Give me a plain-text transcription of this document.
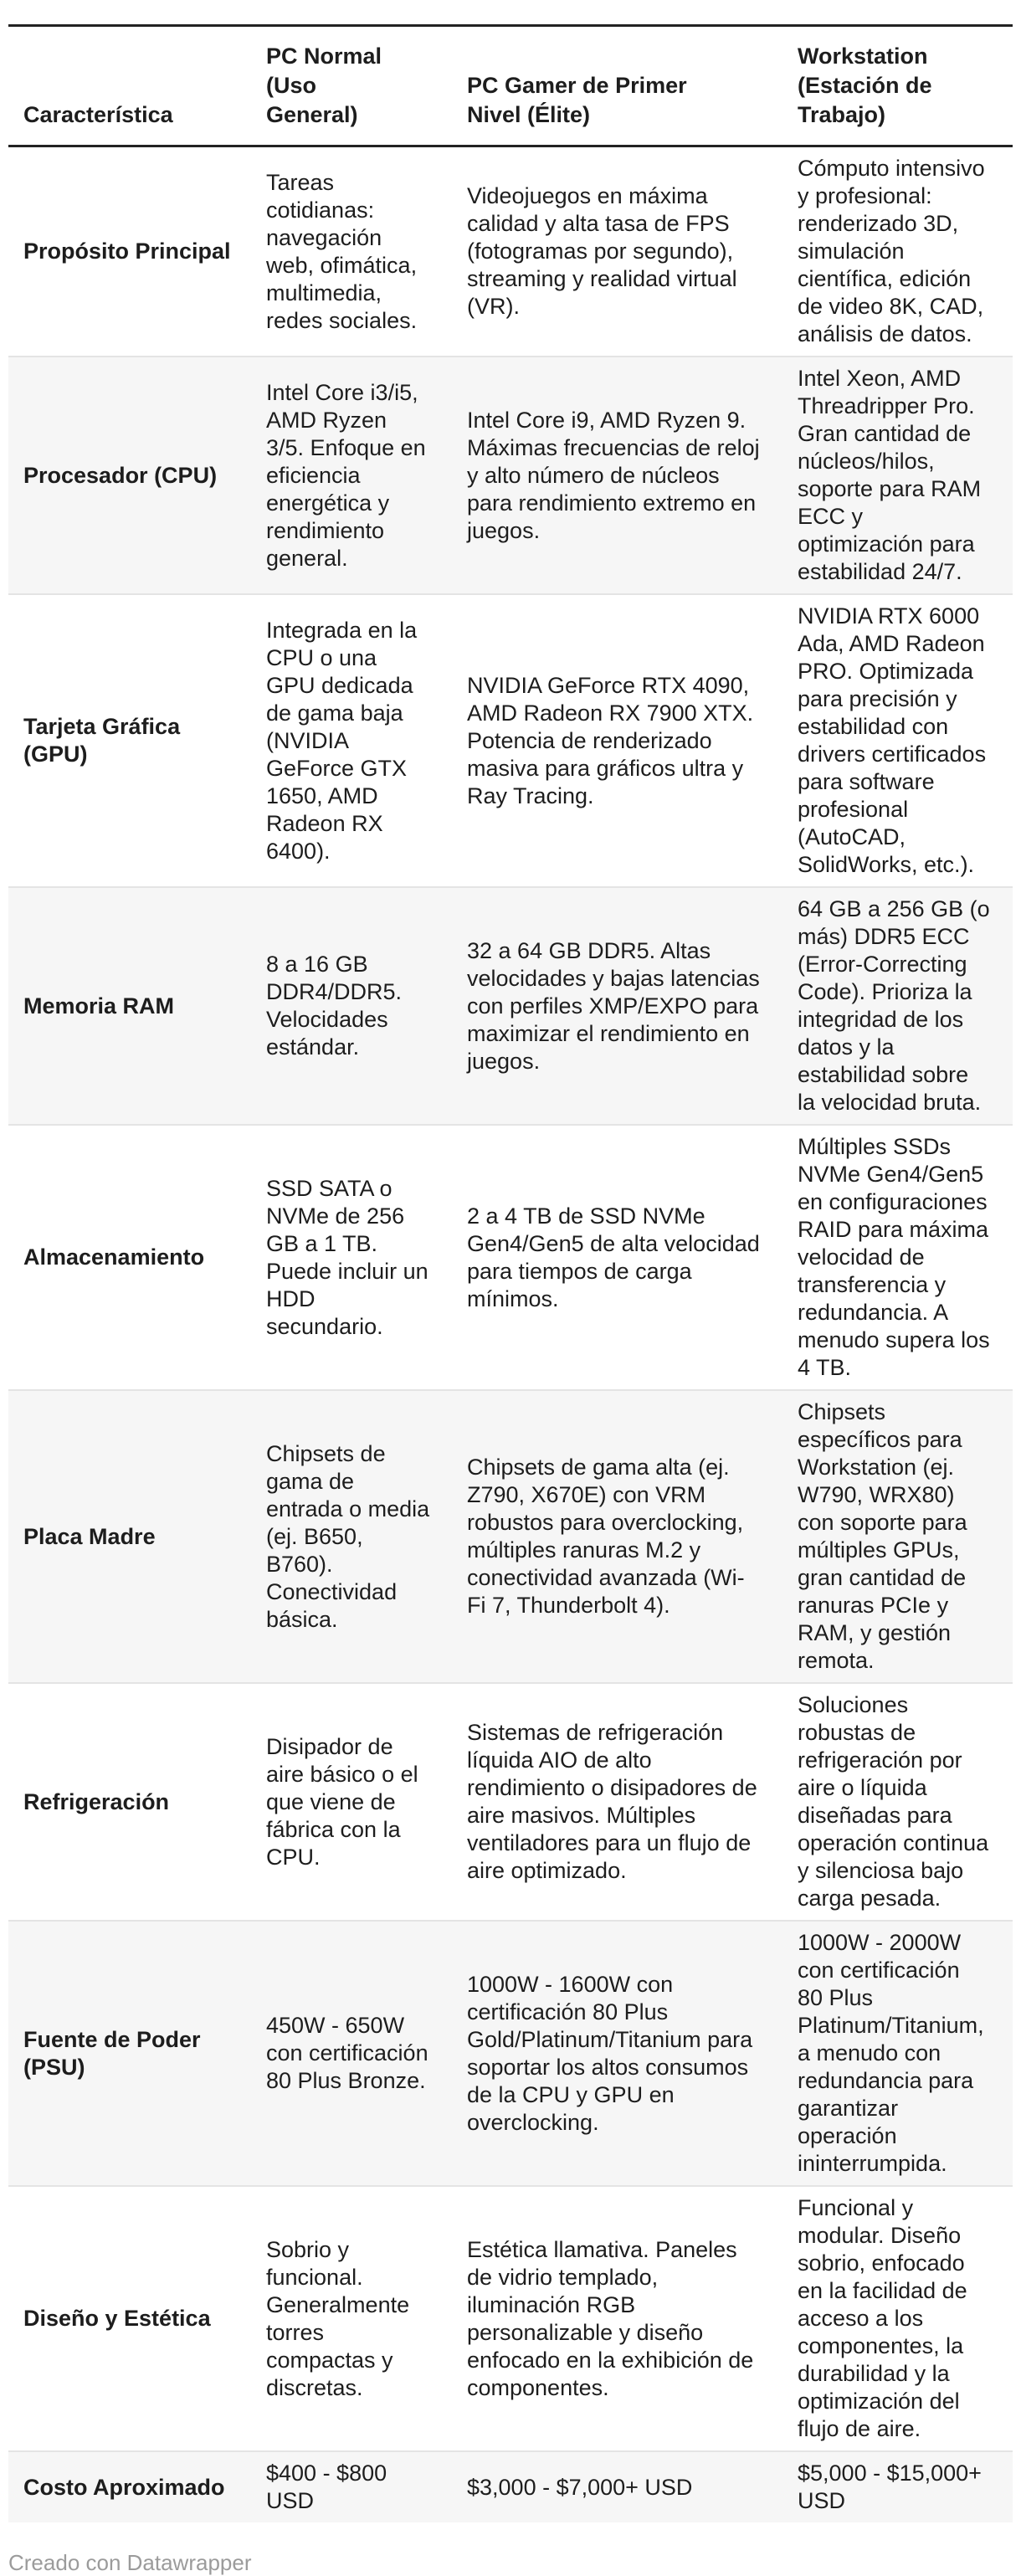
Característica	PC Normal (Uso General)	PC Gamer de Primer Nivel (Élite)	Workstation (Estación de Trabajo)
Propósito Principal	Tareas cotidianas: navegación web, ofimática, multimedia, redes sociales.	Videojuegos en máxima calidad y alta tasa de FPS (fotogramas por segundo), streaming y realidad virtual (VR).	Cómputo intensivo y profesional: renderizado 3D, simulación científica, edición de video 8K, CAD, análisis de datos.
Procesador (CPU)	Intel Core i3/i5, AMD Ryzen 3/5. Enfoque en eficiencia energética y rendimiento general.	Intel Core i9, AMD Ryzen 9. Máximas frecuencias de reloj y alto número de núcleos para rendimiento extremo en juegos.	Intel Xeon, AMD Threadripper Pro. Gran cantidad de núcleos/hilos, soporte para RAM ECC y optimización para estabilidad 24/7.
Tarjeta Gráfica (GPU)	Integrada en la CPU o una GPU dedicada de gama baja (NVIDIA GeForce GTX 1650, AMD Radeon RX 6400).	NVIDIA GeForce RTX 4090, AMD Radeon RX 7900 XTX. Potencia de renderizado masiva para gráficos ultra y Ray Tracing.	NVIDIA RTX 6000 Ada, AMD Radeon PRO. Optimizada para precisión y estabilidad con drivers certificados para software profesional (AutoCAD, SolidWorks, etc.).
Memoria RAM	8 a 16 GB DDR4/DDR5. Velocidades estándar.	32 a 64 GB DDR5. Altas velocidades y bajas latencias con perfiles XMP/EXPO para maximizar el rendimiento en juegos.	64 GB a 256 GB (o más) DDR5 ECC (Error-Correcting Code). Prioriza la integridad de los datos y la estabilidad sobre la velocidad bruta.
Almacenamiento	SSD SATA o NVMe de 256 GB a 1 TB. Puede incluir un HDD secundario.	2 a 4 TB de SSD NVMe Gen4/Gen5 de alta velocidad para tiempos de carga mínimos.	Múltiples SSDs NVMe Gen4/Gen5 en configuraciones RAID para máxima velocidad de transferencia y redundancia. A menudo supera los 4 TB.
Placa Madre	Chipsets de gama de entrada o media (ej. B650, B760). Conectividad básica.	Chipsets de gama alta (ej. Z790, X670E) con VRM robustos para overclocking, múltiples ranuras M.2 y conectividad avanzada (Wi-Fi 7, Thunderbolt 4).	Chipsets específicos para Workstation (ej. W790, WRX80) con soporte para múltiples GPUs, gran cantidad de ranuras PCIe y RAM, y gestión remota.
Refrigeración	Disipador de aire básico o el que viene de fábrica con la CPU.	Sistemas de refrigeración líquida AIO de alto rendimiento o disipadores de aire masivos. Múltiples ventiladores para un flujo de aire optimizado.	Soluciones robustas de refrigeración por aire o líquida diseñadas para operación continua y silenciosa bajo carga pesada.
Fuente de Poder (PSU)	450W - 650W con certificación 80 Plus Bronze.	1000W - 1600W con certificación 80 Plus Gold/Platinum/Titanium para soportar los altos consumos de la CPU y GPU en overclocking.	1000W - 2000W con certificación 80 Plus Platinum/Titanium, a menudo con redundancia para garantizar operación ininterrumpida.
Diseño y Estética	Sobrio y funcional. Generalmente torres compactas y discretas.	Estética llamativa. Paneles de vidrio templado, iluminación RGB personalizable y diseño enfocado en la exhibición de componentes.	Funcional y modular. Diseño sobrio, enfocado en la facilidad de acceso a los componentes, la durabilidad y la optimización del flujo de aire.
Costo Aproximado	$400 - $800 USD	$3,000 - $7,000+ USD	$5,000 - $15,000+ USD
Creado con Datawrapper
